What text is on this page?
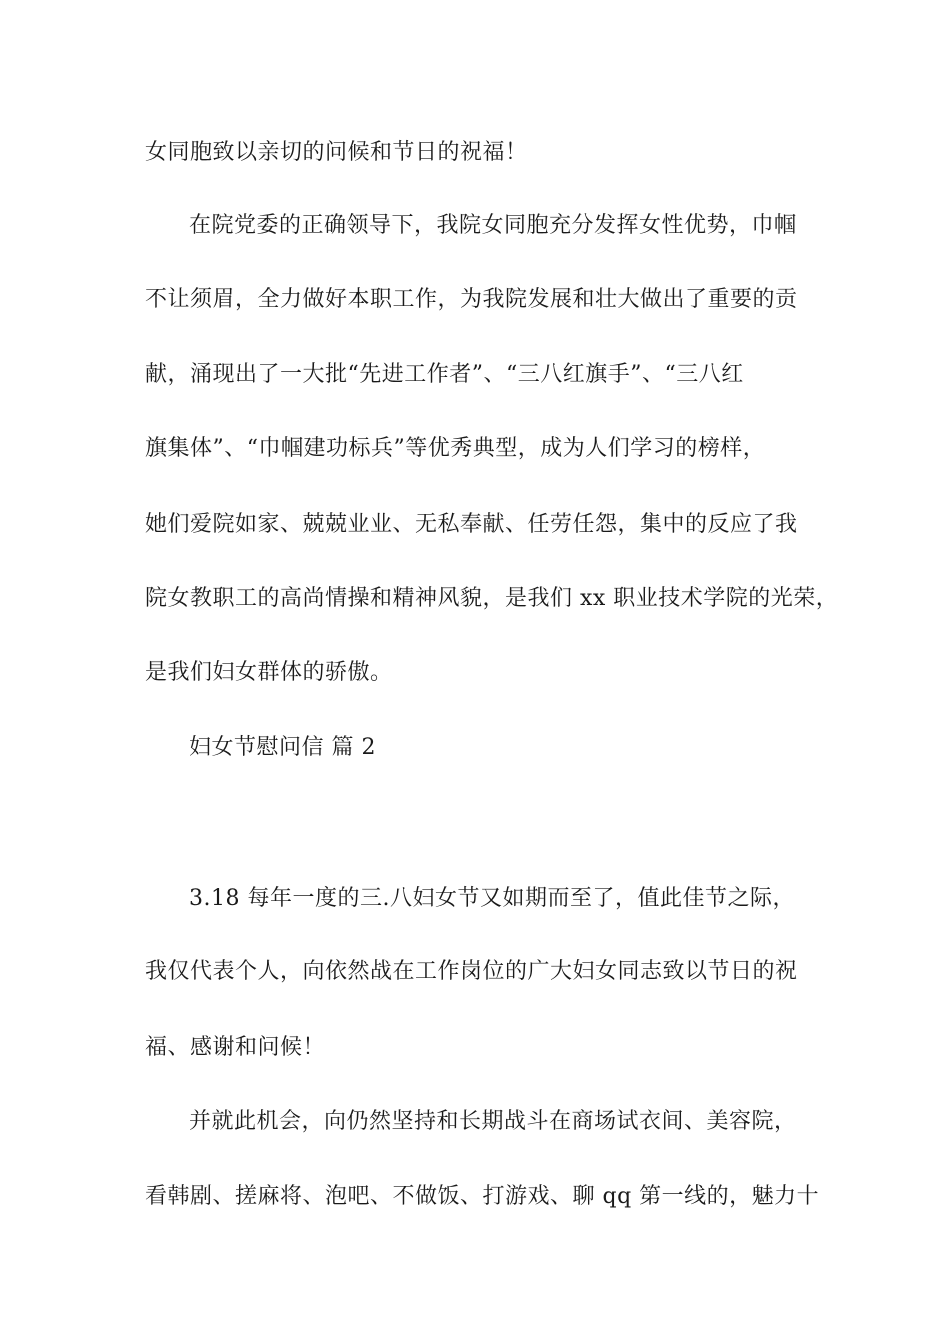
女同胞致以亲切的问候和节日的祝福！
在院党委的正确领导下，我院女同胞充分发挥女性优势，巾帼
不让须眉，全力做好本职工作，为我院发展和壮大做出了重要的贡
献，涌现出了一大批“先进工作者”、“三八红旗手”、“三八红
旗集体”、“巾帼建功标兵”等优秀典型，成为人们学习的榜样，
她们爱院如家、兢兢业业、无私奉献、任劳任怨，集中的反应了我
院女教职工的高尚情操和精神风貌，是我们 xx 职业技术学院的光荣，
是我们妇女群体的骄傲。
妇女节慰问信 篇 2
3.18 每年一度的三.八妇女节又如期而至了，值此佳节之际，
我仅代表个人，向依然战在工作岗位的广大妇女同志致以节日的祝
福、感谢和问候！
并就此机会，向仍然坚持和长期战斗在商场试衣间、美容院，
看韩剧、搓麻将、泡吧、不做饭、打游戏、聊 qq 第一线的，魅力十
